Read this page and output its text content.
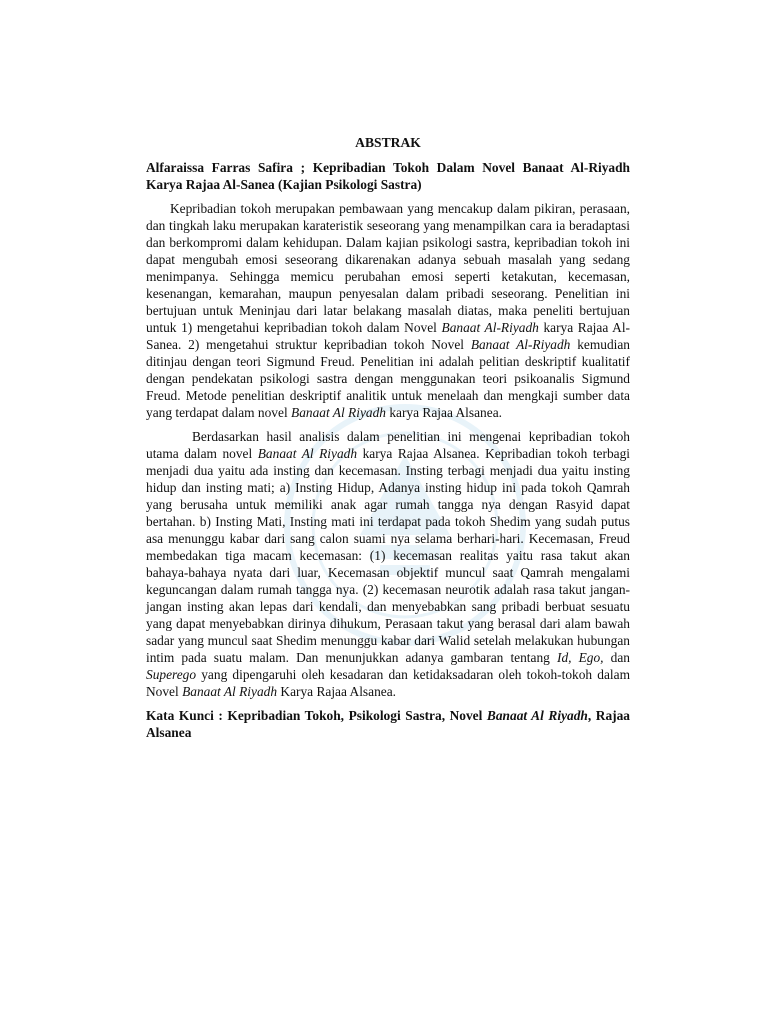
ABSTRAK
Alfaraissa Farras Safira ; Kepribadian Tokoh Dalam Novel Banaat Al-Riyadh Karya Rajaa Al-Sanea (Kajian Psikologi Sastra)

Kepribadian tokoh merupakan pembawaan yang mencakup dalam pikiran, perasaan, dan tingkah laku merupakan karateristik seseorang yang menampilkan cara ia beradaptasi dan berkompromi dalam kehidupan. Dalam kajian psikologi sastra, kepribadian tokoh ini dapat mengubah emosi seseorang dikarenakan adanya sebuah masalah yang sedang menimpanya. Sehingga memicu perubahan emosi seperti ketakutan, kecemasan, kesenangan, kemarahan, maupun penyesalan dalam pribadi seseorang. Penelitian ini bertujuan untuk Meninjau dari latar belakang masalah diatas, maka peneliti bertujuan untuk 1) mengetahui kepribadian tokoh dalam Novel Banaat Al-Riyadh karya Rajaa Al-Sanea. 2) mengetahui struktur kepribadian tokoh Novel Banaat Al-Riyadh kemudian ditinjau dengan teori Sigmund Freud. Penelitian ini adalah pelitian deskriptif kualitatif dengan pendekatan psikologi sastra dengan menggunakan teori psikoanalis Sigmund Freud. Metode penelitian deskriptif analitik untuk menelaah dan mengkaji sumber data yang terdapat dalam novel Banaat Al Riyadh karya Rajaa Alsanea.

Berdasarkan hasil analisis dalam penelitian ini mengenai kepribadian tokoh utama dalam novel Banaat Al Riyadh karya Rajaa Alsanea. Kepribadian tokoh terbagi menjadi dua yaitu ada insting dan kecemasan. Insting terbagi menjadi dua yaitu insting hidup dan insting mati; a) Insting Hidup, Adanya insting hidup ini pada tokoh Qamrah yang berusaha untuk memiliki anak agar rumah tangga nya dengan Rasyid dapat bertahan. b) Insting Mati, Insting mati ini terdapat pada tokoh Shedim yang sudah putus asa menunggu kabar dari sang calon suami nya selama berhari-hari. Kecemasan, Freud membedakan tiga macam kecemasan: (1) kecemasan realitas yaitu rasa takut akan bahaya-bahaya nyata dari luar, Kecemasan objektif muncul saat Qamrah mengalami keguncangan dalam rumah tangga nya. (2) kecemasan neurotik adalah rasa takut jangan-jangan insting akan lepas dari kendali, dan menyebabkan sang pribadi berbuat sesuatu yang dapat menyebabkan dirinya dihukum, Perasaan takut yang berasal dari alam bawah sadar yang muncul saat Shedim menunggu kabar dari Walid setelah melakukan hubungan intim pada suatu malam. Dan menunjukkan adanya gambaran tentang Id, Ego, dan Superego yang dipengaruhi oleh kesadaran dan ketidaksadaran oleh tokoh-tokoh dalam Novel Banaat Al Riyadh Karya Rajaa Alsanea.

Kata Kunci : Kepribadian Tokoh, Psikologi Sastra, Novel Banaat Al Riyadh, Rajaa Alsanea
